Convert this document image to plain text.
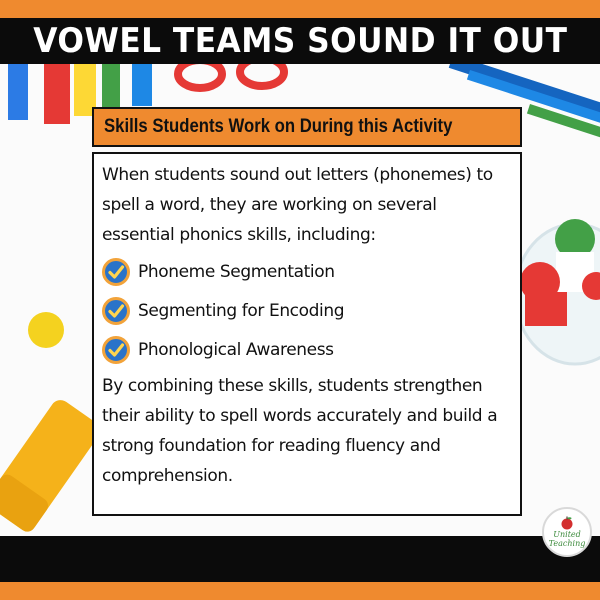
VOWEL TEAMS SOUND IT OUT
Skills Students Work on During this Activity

When students sound out letters (phonemes) to spell a word, they are working on several essential phonics skills, including:

Phoneme Segmentation
Segmenting for Encoding
Phonological Awareness

By combining these skills, students strengthen their ability to spell words accurately and build a strong foundation for reading fluency and comprehension.

United
Teaching
